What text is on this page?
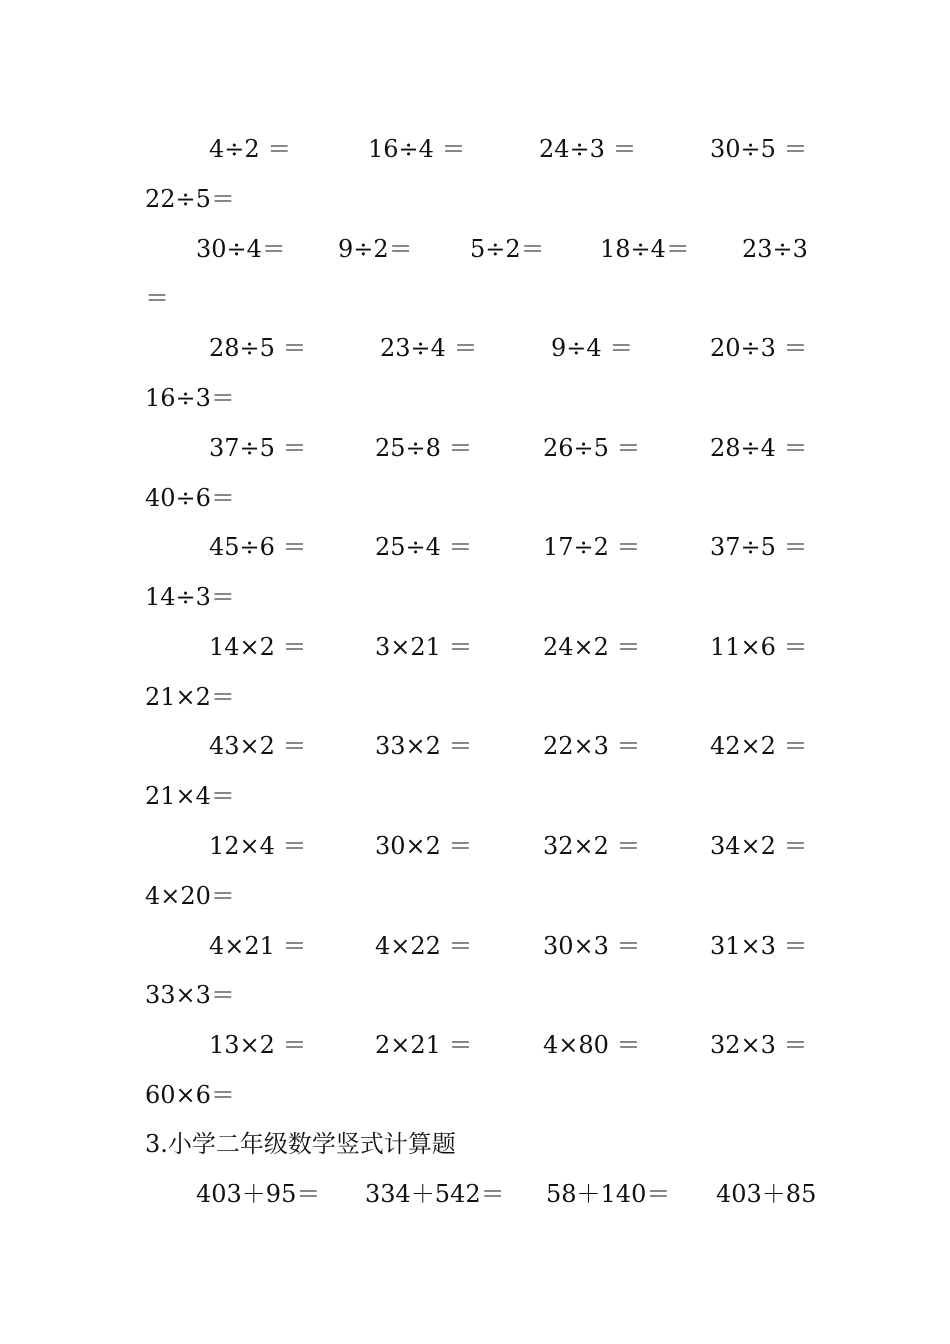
4÷2 ＝	16÷4 ＝	24÷3 ＝	30÷5 ＝
22÷5＝
30÷4＝ 9÷2＝ 5÷2＝ 18÷4＝ 23÷3
＝
28÷5 ＝	23÷4 ＝	9÷4 ＝	20÷3 ＝
16÷3＝
37÷5 ＝	25÷8 ＝	26÷5 ＝	28÷4 ＝
40÷6＝
45÷6 ＝	25÷4 ＝	17÷2 ＝	37÷5 ＝
14÷3＝
14×2 ＝	3×21 ＝	24×2 ＝	11×6 ＝
21×2＝
43×2 ＝	33×2 ＝	22×3 ＝	42×2 ＝
21×4＝
12×4 ＝	30×2 ＝	32×2 ＝	34×2 ＝
4×20＝
4×21 ＝	4×22 ＝	30×3 ＝	31×3 ＝
33×3＝
13×2 ＝	2×21 ＝	4×80 ＝	32×3 ＝
60×6＝
3.小学二年级数学竖式计算题
403＋95＝ 334＋542＝ 58＋140＝ 403＋85
